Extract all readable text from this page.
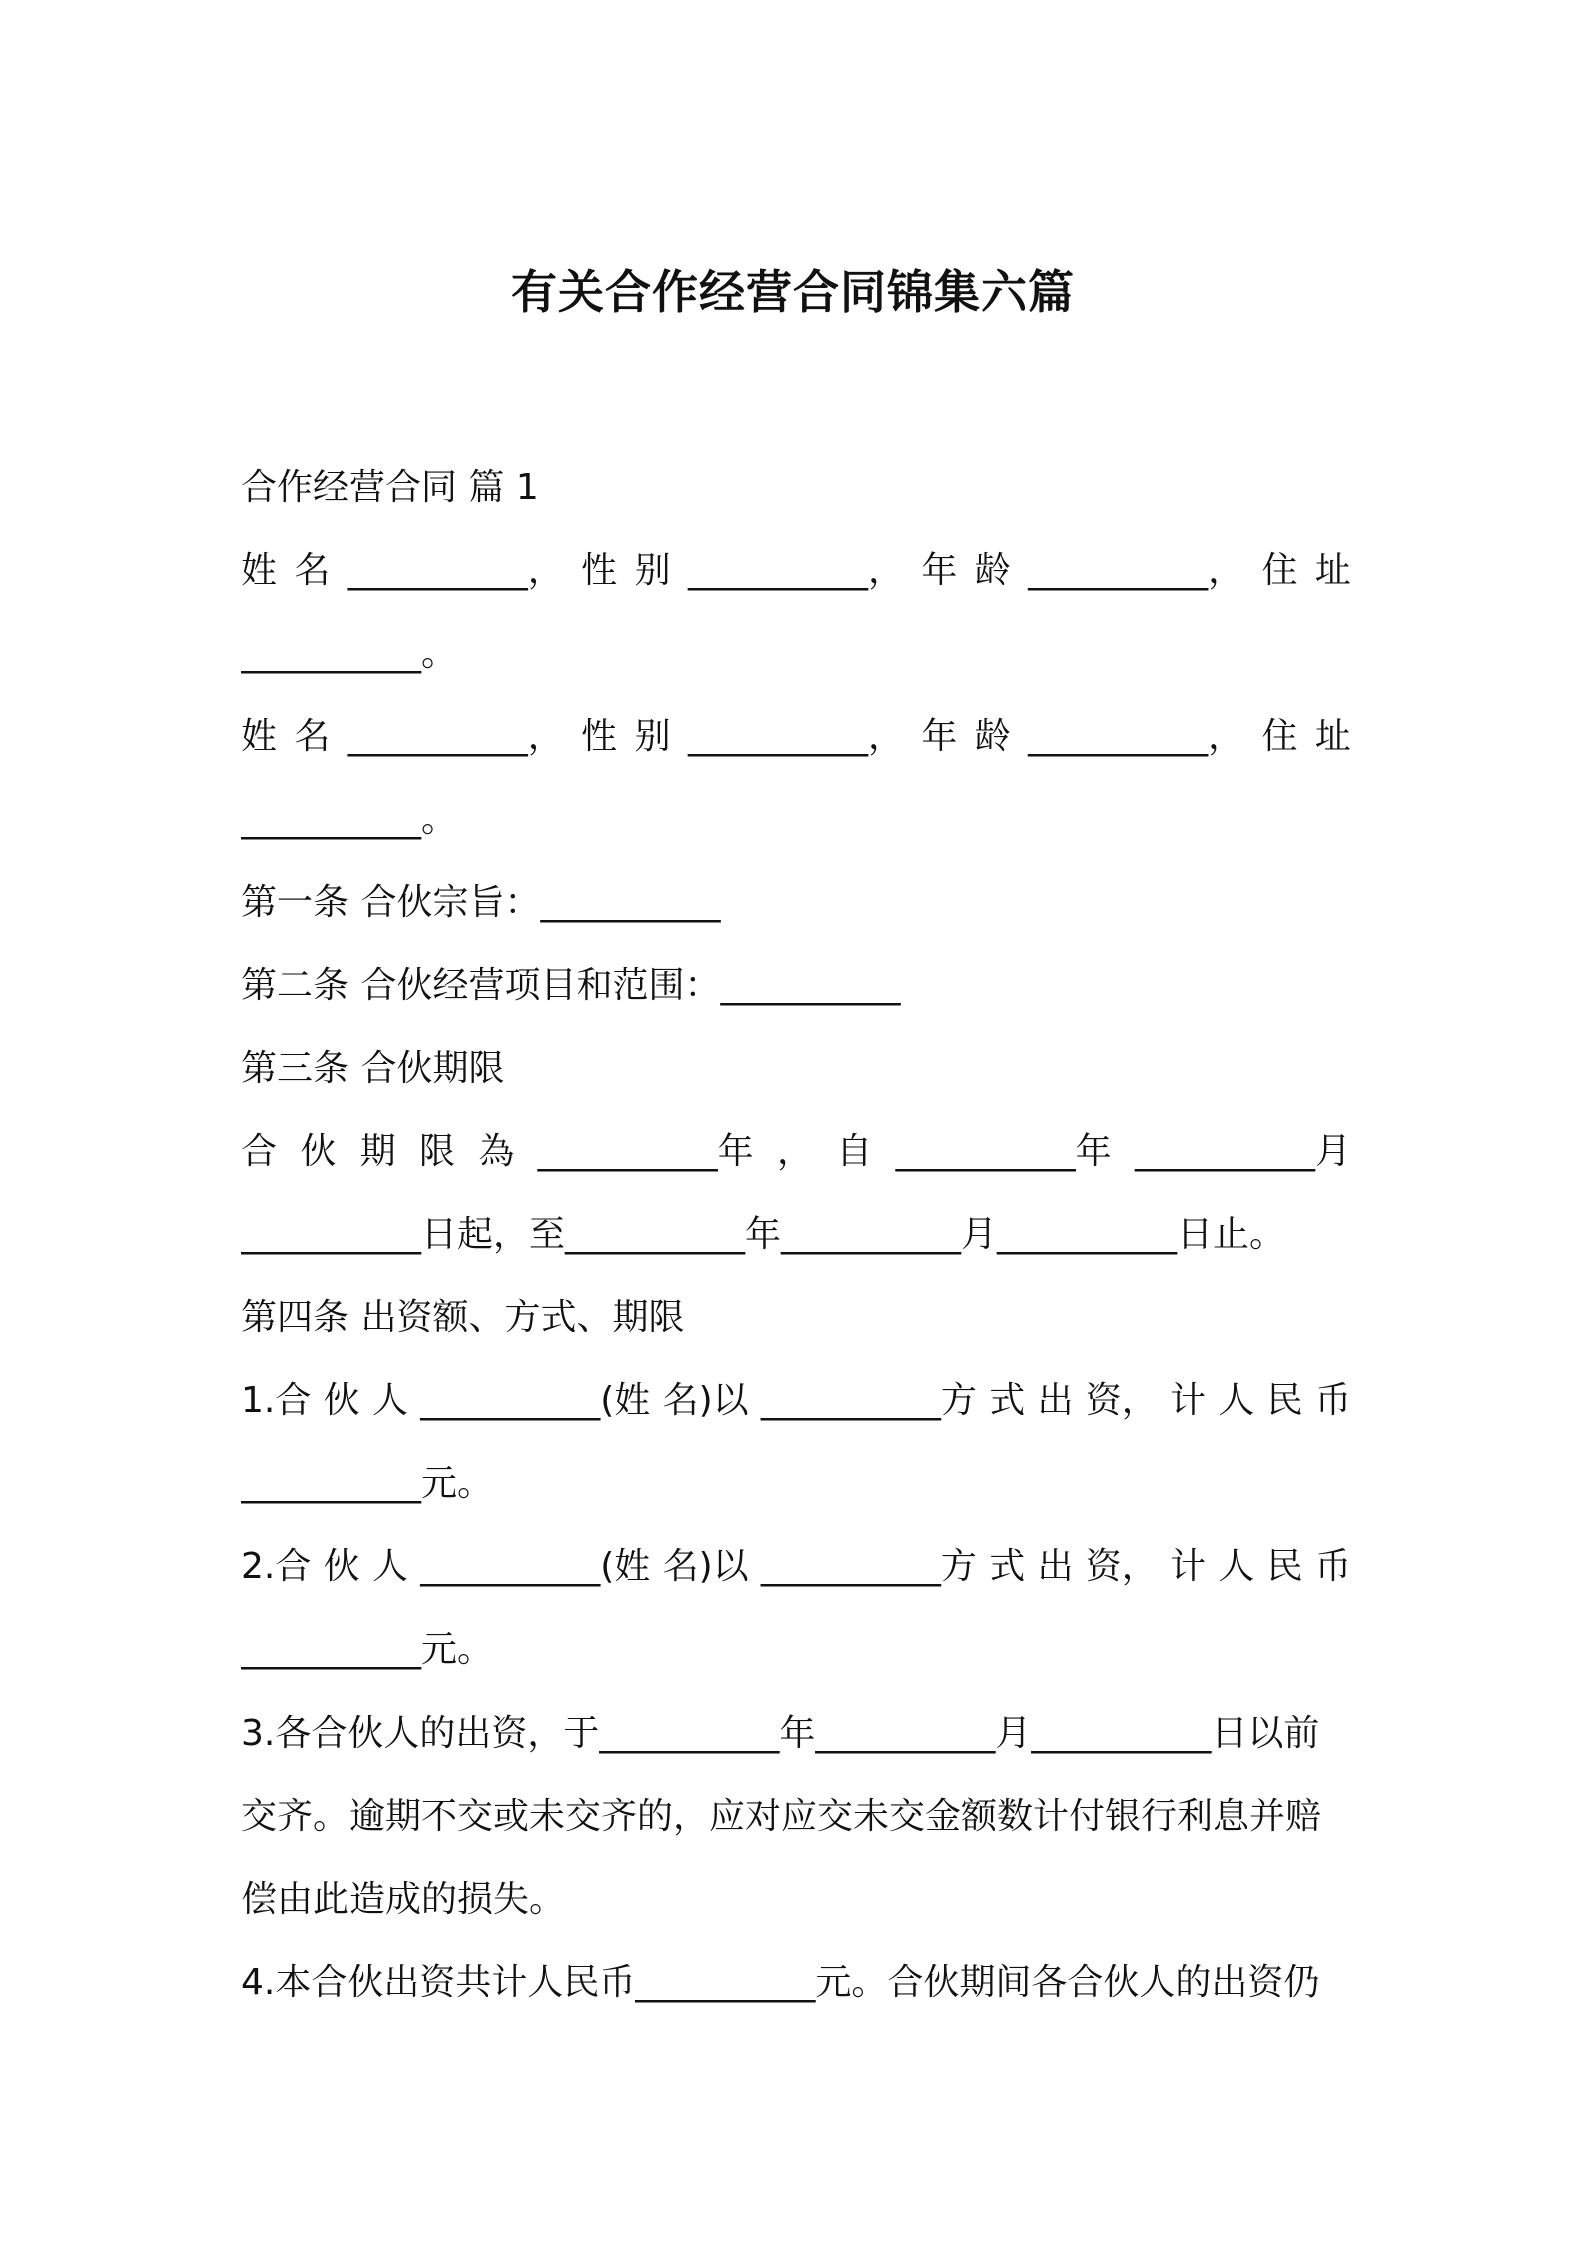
有关合作经营合同锦集六篇
合作经营合同 篇 1
姓 名 __________， 性 别 __________， 年 龄 __________， 住 址
__________。
姓 名 __________， 性 别 __________， 年 龄 __________， 住 址
__________。
第一条 合伙宗旨：__________
第二条 合伙经营项目和范围：__________
第三条 合伙期限
合 伙 期 限 為 __________年 ， 自 __________年 __________月
__________日起，至__________年__________月__________日止。
第四条 出资额、方式、期限
1.合 伙 人 __________(姓 名)以 __________方 式 出 资， 计 人 民 币
__________元。
2.合 伙 人 __________(姓 名)以 __________方 式 出 资， 计 人 民 币
__________元。
3.各合伙人的出资，于__________年__________月__________日以前
交齐。逾期不交或未交齐的，应对应交未交金额数计付银行利息并赔
偿由此造成的损失。
4.本合伙出资共计人民币__________元。合伙期间各合伙人的出资仍
